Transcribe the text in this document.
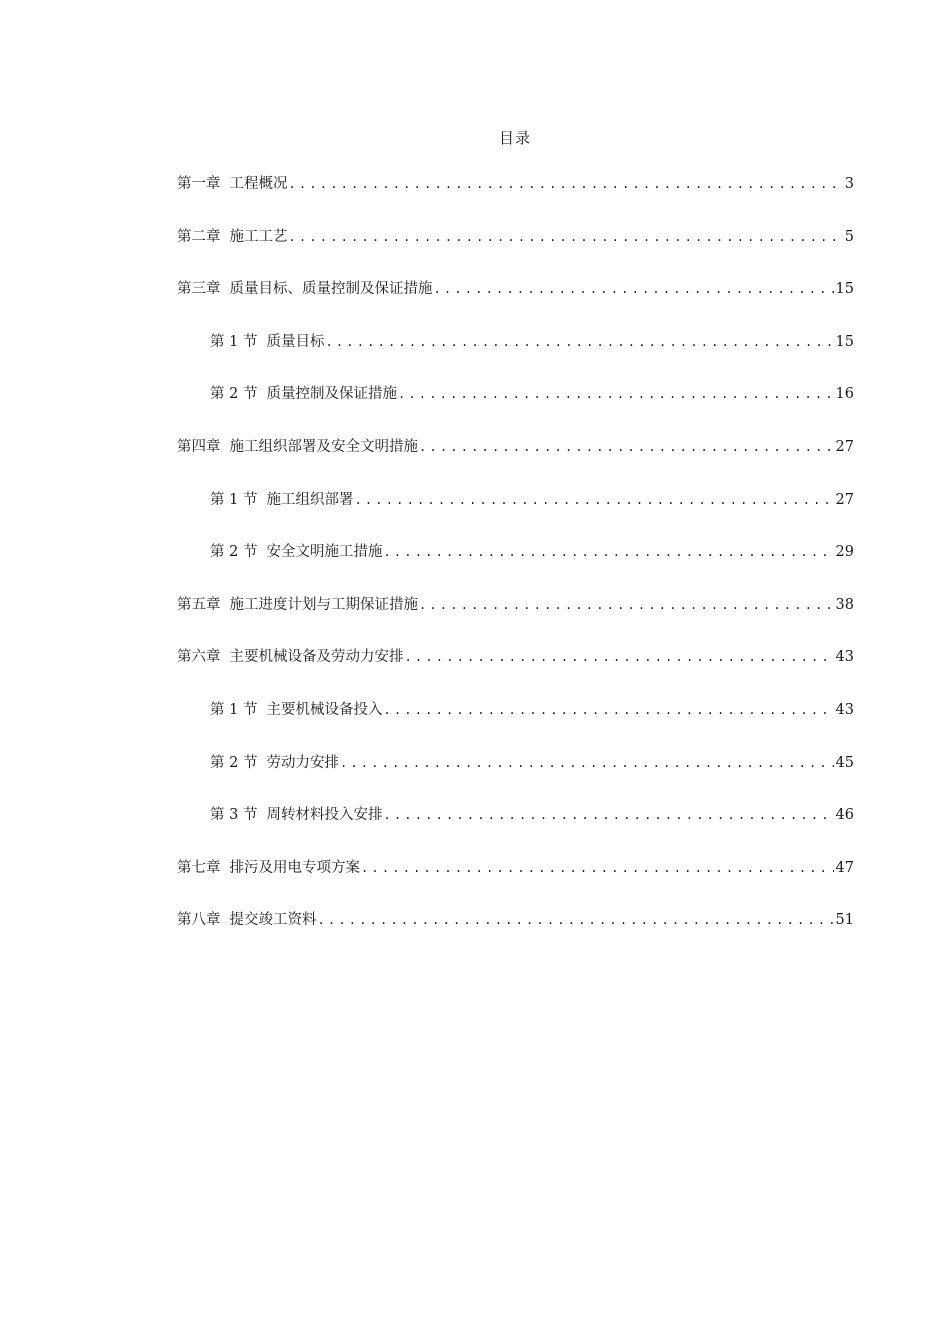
目录
第一章 工程概况 .....	3
第二章 施工工艺 .....	5
第三章 质量目标、质量控制及保证措施 .....	15
第 1 节 质量目标 .....	15
第 2 节 质量控制及保证措施 .....	16
第四章 施工组织部署及安全文明措施 .....	27
第 1 节 施工组织部署 .....	27
第 2 节 安全文明施工措施 .....	29
第五章 施工进度计划与工期保证措施 .....	38
第六章 主要机械设备及劳动力安排 .....	43
第 1 节 主要机械设备投入 .....	43
第 2 节 劳动力安排 .....	45
第 3 节 周转材料投入安排 .....	46
第七章 排污及用电专项方案 .....	47
第八章 提交竣工资料 .....	51
